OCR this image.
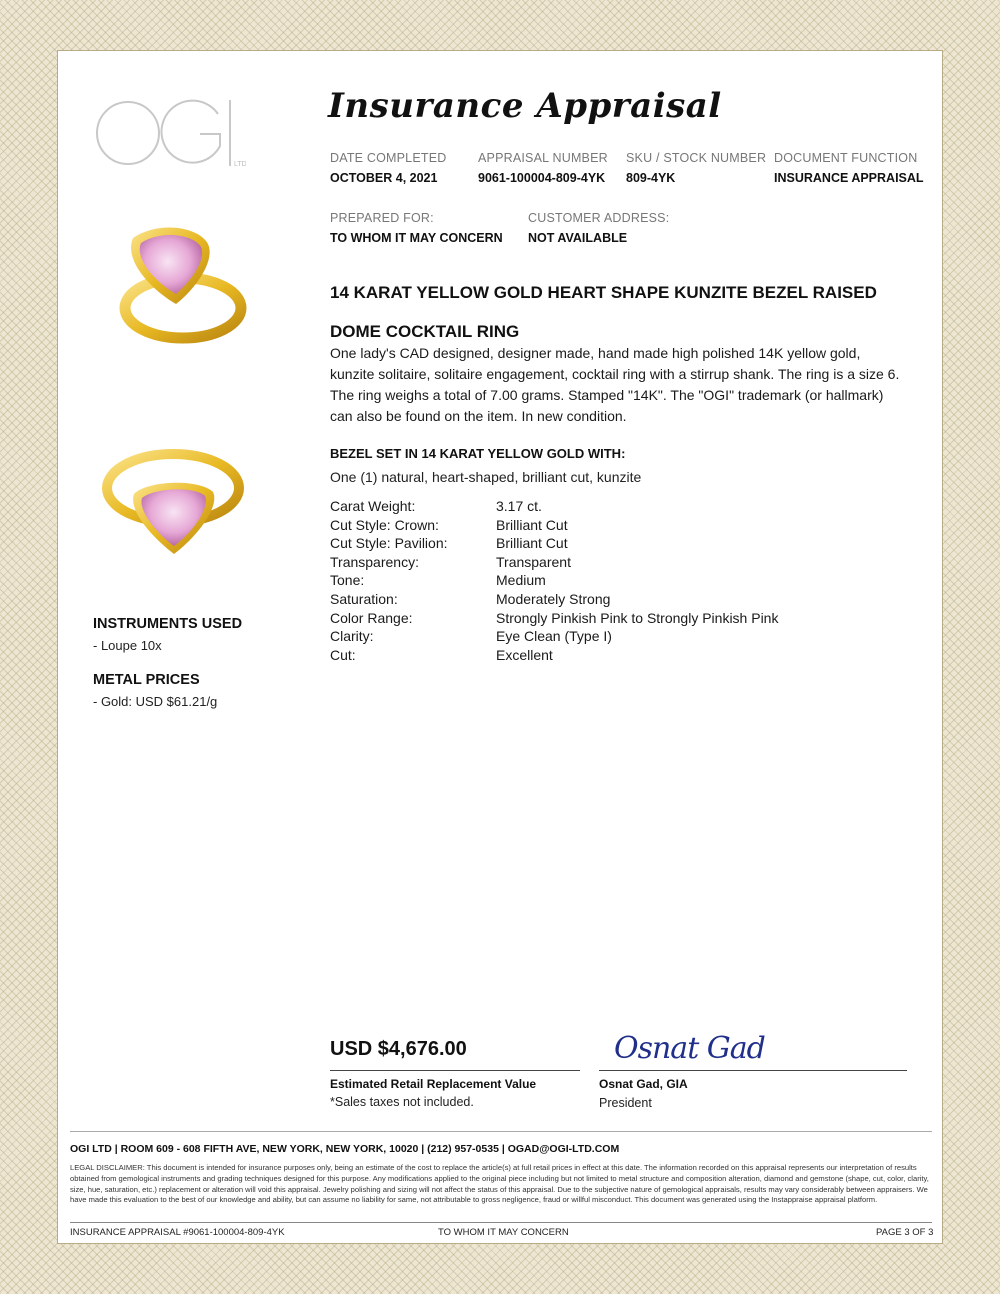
LTD
Insurance Appraisal
DATE COMPLETED
OCTOBER 4, 2021
APPRAISAL NUMBER
9061-100004-809-4YK
SKU / STOCK NUMBER
809-4YK
DOCUMENT FUNCTION
INSURANCE APPRAISAL
PREPARED FOR:
TO WHOM IT MAY CONCERN
CUSTOMER ADDRESS:
NOT AVAILABLE
14 KARAT YELLOW GOLD HEART SHAPE KUNZITE BEZEL RAISED DOME COCKTAIL RING
One lady's CAD designed, designer made, hand made high polished 14K yellow gold, kunzite solitaire, solitaire engagement, cocktail ring with a stirrup shank. The ring is a size 6. The ring weighs a total of 7.00 grams. Stamped "14K". The "OGI" trademark (or hallmark) can also be found on the item. In new condition.
BEZEL SET IN 14 KARAT YELLOW GOLD WITH:
One (1) natural, heart-shaped, brilliant cut, kunzite
Carat Weight:	3.17 ct.
Cut Style: Crown:	Brilliant Cut
Cut Style: Pavilion:	Brilliant Cut
Transparency:	Transparent
Tone:	Medium
Saturation:	Moderately Strong
Color Range:	Strongly Pinkish Pink to Strongly Pinkish Pink
Clarity:	Eye Clean (Type I)
Cut:	Excellent
INSTRUMENTS USED
- Loupe 10x
METAL PRICES
- Gold: USD $61.21/g
USD $4,676.00
Estimated Retail Replacement Value
*Sales taxes not included.
Osnat Gad
Osnat Gad, GIA
President
OGI LTD | ROOM 609 - 608 FIFTH AVE, NEW YORK, NEW YORK, 10020 | (212) 957-0535 | OGAD@OGI-LTD.COM
LEGAL DISCLAIMER: This document is intended for insurance purposes only, being an estimate of the cost to replace the article(s) at full retail prices in effect at this date. The information recorded on this appraisal represents our interpretation of results obtained from gemological instruments and grading techniques designed for this purpose. Any modifications applied to the original piece including but not limited to metal structure and composition alteration, diamond and gemstone (shape, cut, color, clarity, size, hue, saturation, etc.) replacement or alteration will void this appraisal. Jewelry polishing and sizing will not affect the status of this appraisal. Due to the subjective nature of gemological appraisals, results may vary considerably between appraisers. We have made this evaluation to the best of our knowledge and ability, but can assume no liability for same, not attributable to gross negligence, fraud or willful misconduct. This document was generated using the Instappraise appraisal platform.
INSURANCE APPRAISAL #9061-100004-809-4YK	TO WHOM IT MAY CONCERN	PAGE 3 OF 3
